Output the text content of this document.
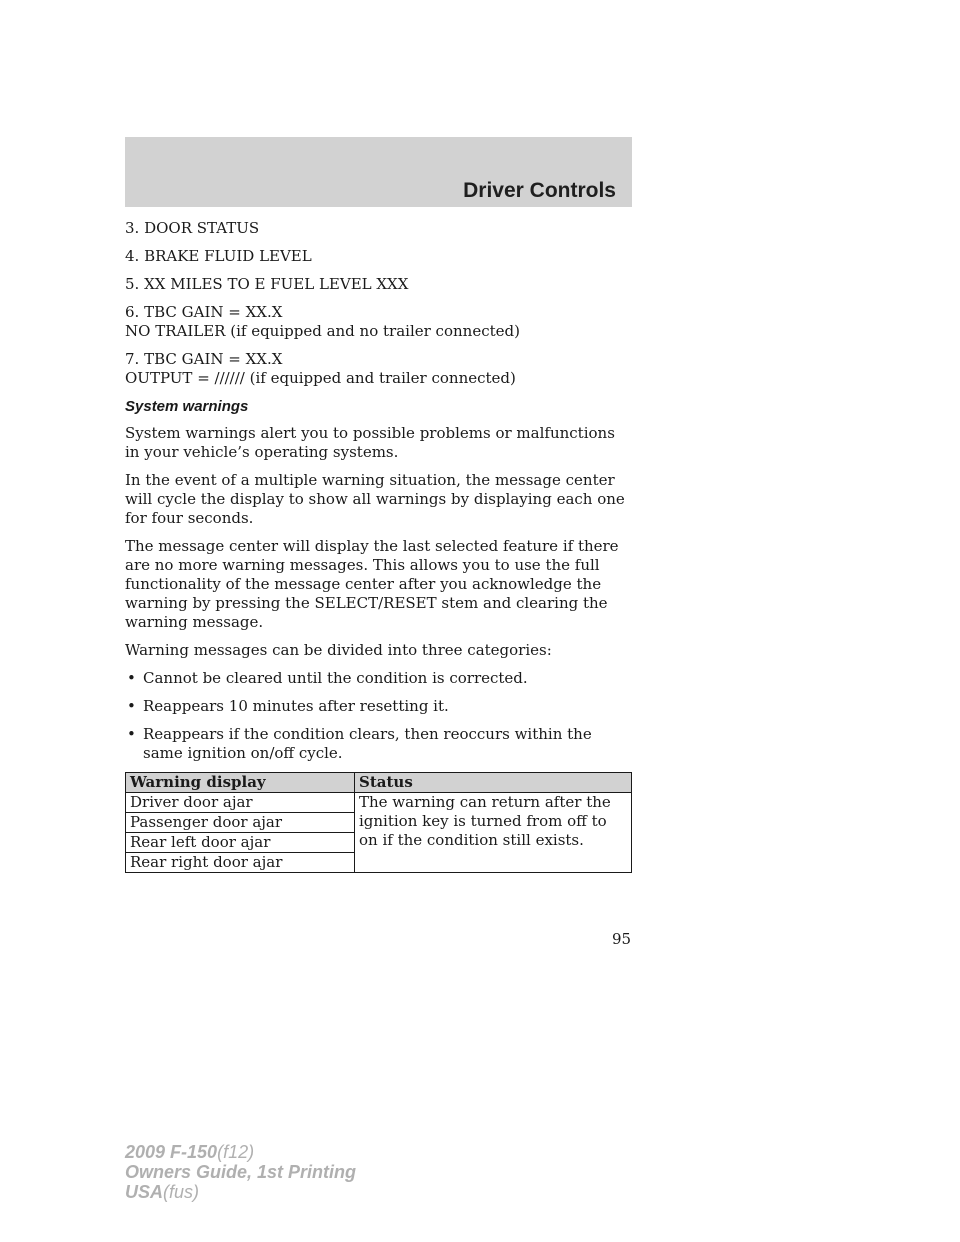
Driver Controls

3. DOOR STATUS

4. BRAKE FLUID LEVEL

5. XX MILES TO E FUEL LEVEL XXX

6. TBC GAIN = XX.X
NO TRAILER (if equipped and no trailer connected)

7. TBC GAIN = XX.X
OUTPUT = ////// (if equipped and trailer connected)

System warnings

System warnings alert you to possible problems or malfunctions in your vehicle’s operating systems.

In the event of a multiple warning situation, the message center will cycle the display to show all warnings by displaying each one for four seconds.

The message center will display the last selected feature if there are no more warning messages. This allows you to use the full functionality of the message center after you acknowledge the warning by pressing the SELECT/RESET stem and clearing the warning message.

Warning messages can be divided into three categories:

• Cannot be cleared until the condition is corrected.
• Reappears 10 minutes after resetting it.
• Reappears if the condition clears, then reoccurs within the same ignition on/off cycle.
Warning display	Status
Driver door ajar	The warning can return after the ignition key is turned from off to on if the condition still exists.
Passenger door ajar	
Rear left door ajar	
Rear right door ajar	
95
2009 F-150(f12)
Owners Guide, 1st Printing
USA(fus)
